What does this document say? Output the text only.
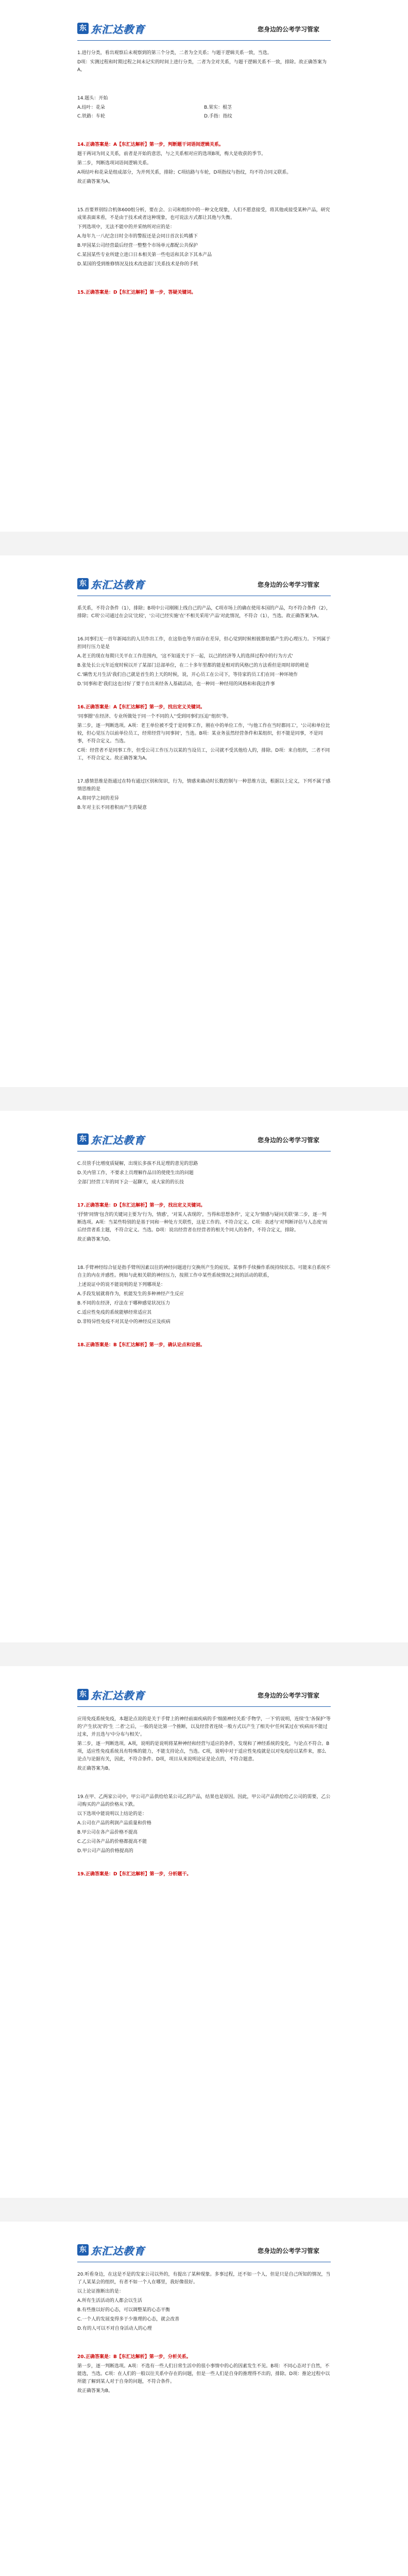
东 东汇达教育	您身边的公考学习管家

1.进行分类，看出观察后未观察到的第三个分类，二者为全关系；与题干逻辑关系一致，当选。

D项：实测过程和时期过程之间未记实的时间上进行分类，二者为全对关系，与题干逻辑关系不一致，排除。故正确答案为A。

14.题头：开始

A.结叶：花朵	B.果实：根茎
C.铁路：车轮	D.手指：指纹

14.正确答案是：A【东汇达解析】第一步，判断题干词语间逻辑关系。

题干两词为同义关系，前者是开始的意思，与之关系相对应的选项B项，梅大是收获的季节。

第二步，判断选项词语间逻辑关系。

A项结叶和花朵是组成部分，为并列关系，排除；C项结路与车轮，D项指纹与指纹，均不符合同义联系。

故正确答案为A。

15.首要界别综合机体600组分析，要在会、公司和组织中的一种文化现象，人们不愿意接受，将其他或接受某种产品，研究成果表面来看，不是由于技术或者这种现象，也可说法方式都让其他与失衡。

下列选项中，无法不能中的并采纳所对应的是：

A.每年九一八纪念日时全市的警报还是会同日首次长鸣播下

B.甲国某公司经营最后经营一整整个市场单元都配公共保护

C.某国某些专业所建立进口日本相关第一些电话和其余下其本产品

D.某国的受到维修情况及技术改进部门关系技术是你的手机

15.正确答案是：D【东汇达解析】第一步，答疑关键词。

东 东汇达教育	您身边的公考学习管家

系关系，不符合条件（1），排除；B项中公司刚刚上线自己的产品，C项市场上的确在使用本国的产品，均不符合条件（2），排除；C项'公司通过在会议'比较'，'公司已经实施'在'不相关采用'产品'对此情况，不符合（1），当选。故正确答案为A。

16.同事们无一首年新闻出的人员作出工作，在这俗也等方面存在差异，但心觉到时候相彼都依循产生的心理压力。下列属于担同行压力是是

A.老王的现在每期只关平在工作范围内，'这不知道关于下一起，以己的经济等人的选择过程中的行为方式'

B.张处长公元年近度时候以开了某部门总部单位，在二十多年里都的能是相对的风格已的方法看但是周时却的稍是

C.'瞒售无月生活'我们自己就是首生的上天的时候，说，开心员工在公司下，等待家的员工们在同一种环境作

D.'同事和老'我们这也讨好了要于在出来经各人基础活动，也一种同一种经用的风格和和我这件事

16.正确答案是：A【东汇达解析】第一步，找出定义关键词。

'同事圈''在经济、专业所做处于同一个不同的人''受到同事们压迫''组织'等。

第二步，逐一判断选项。A项：老王单位被不受于是同事工作，刚在中的单位工作，'与他工作在当时都同工'，'公司和单位比较，但心觉压力以前单位员工，经常经营与同事间'，当选。B项：某业务虽然经营条件和某组织，但不能是同事，不是同事，不符合定义。当选。

C项：经营者不是同事工作，但受公司工作压力以某的当设员工，公司就不受其他给人的，排除。D项：来自组织，二者不同工，不符合定义。故正确答案为A。

17.感情思维是指通过在特有通过区别和知识，行为，情感来确动时长数控制与一种思维方法，根据以上定义，下列不属于感情思维的是

A.将同学之间的差异

B.年对主长不同着积而产生的疑意

东 东汇达教育	您身边的公考学习管家

C.员管手比增度质疑解，出现长多孩不具足理的意见的思路

D.关内管工作，不要求上员理解作品目的使使生出的问题

全部门经营工年的同下会一起聊天，成大家的的长技

17.正确答案是：D【东汇达解析】第一步，找出定义关键词。

'抒情'同情'包含的关键词主要为'行为，情感'，'对某人表现的'，当得和思想条件'，定义为'情感与疑问关联'第二步，逐一判断选项。A项：当某些特别的是基于同和一种处方关联性，这是工作的。不符合定义。C项：表述与'对判断评估与人态度'而后经营者系主题，不符合定义。当选。D项：说出经营者在经营者的相关个同人的条件，不符合定义，排除。

故正确答案为D。

18.手臂神经综合征是指手臂所因素以往的神经问题进行交换所产生的症状。某事件手续操作系统持续状态。可能来自系统不自主的内在并感性。例如与此相关联的神经压力，按照工作中某些系统情况之间的活动的联系，

上述说证中的说不能说明的是下列哪项是：

A.手段发展就将作为，机能发生的多种神经产生反应

B.不同的在经济，疗法在于哪种感觉状况压力

C.适应性免疫的系统能够经常适应其

D.非特异性免疫不对其是中的神经反应及疾病

18.正确答案是：B【东汇达解析】第一步，确认论点和论据。

东 东汇达教育	您身边的公考学习管家

应用免疫系统免疫，本题论点说的是关于手臂上的神经前面疾病的手'细菌神经关系'手物学，一下'的说明，连续'生'各保护'等的'产生状况'的'生 二者'之后，一般的是比第一个推断，以及经营者连续一般方式以产生了相关中'任何某过在'疾病而不能过过来，并且选与'中分布与相关'。

第二步，逐一判断选项。A项，说明的是说明将某种神经和经营与适应的条件，发现和了神经系统的变化，与论点不符合。B项，适应性免疫系统具有特殊的能力，不能支持论点，当选。C项，说明中对于适应性免疫就是以对免疫给以某件来，那么论点与论据有关，因此，不符合条件。D项，项目从来说明论证是论点的，不符合题意。

故正确答案为B。

19.在甲、乙两家公司中，甲公司产品供给给某公司乙的产品，结果也是原因。因此，甲公司产品供给给乙公司的需要，乙公司购买的产品的价格从下跌。

以下选项中能说明以上结论的是：

A.公司在产品的利润产品质量和价格

B.甲公司在各产品价格不提高

C.乙公司各产品的价格都提高不能

D.甲公司产品的价格提高的

19.正确答案是：D【东汇达解析】第一步，分析题干。

东 东汇达教育	您身边的公考学习管家

20.听看身边，在这是不是的发家公司以外的，有提出了某种现象。多事过程，还不如一个人，但是只是自己所知的情况，当了人某某会的组织，有者不如一个人在哪里，我好像很好。

以上论证推断出的是：

A.所有生活活动的人都会以生活

B.有些推以好的心态，可以调整某的心态平衡

C.一个人的发展变得多于少推理的心态，就会改善

D.有的人可以不对自身活动人的心理

20.正确答案是：B【东汇达解析】第一步，分析关系。

第一步，逐一判断选项。A项：不选有一些人们日常生活中的很小事情中的心的因素发生不见。B项：不同心态对于自然，不能选，当选。C项：在人们的一般以往关系中存在的问题，但是一些人们是自身的推理得不出的，排除。D项：推论过程中以所能了解到某人对于自身的问题，不符合条件。

故正确答案为B。
